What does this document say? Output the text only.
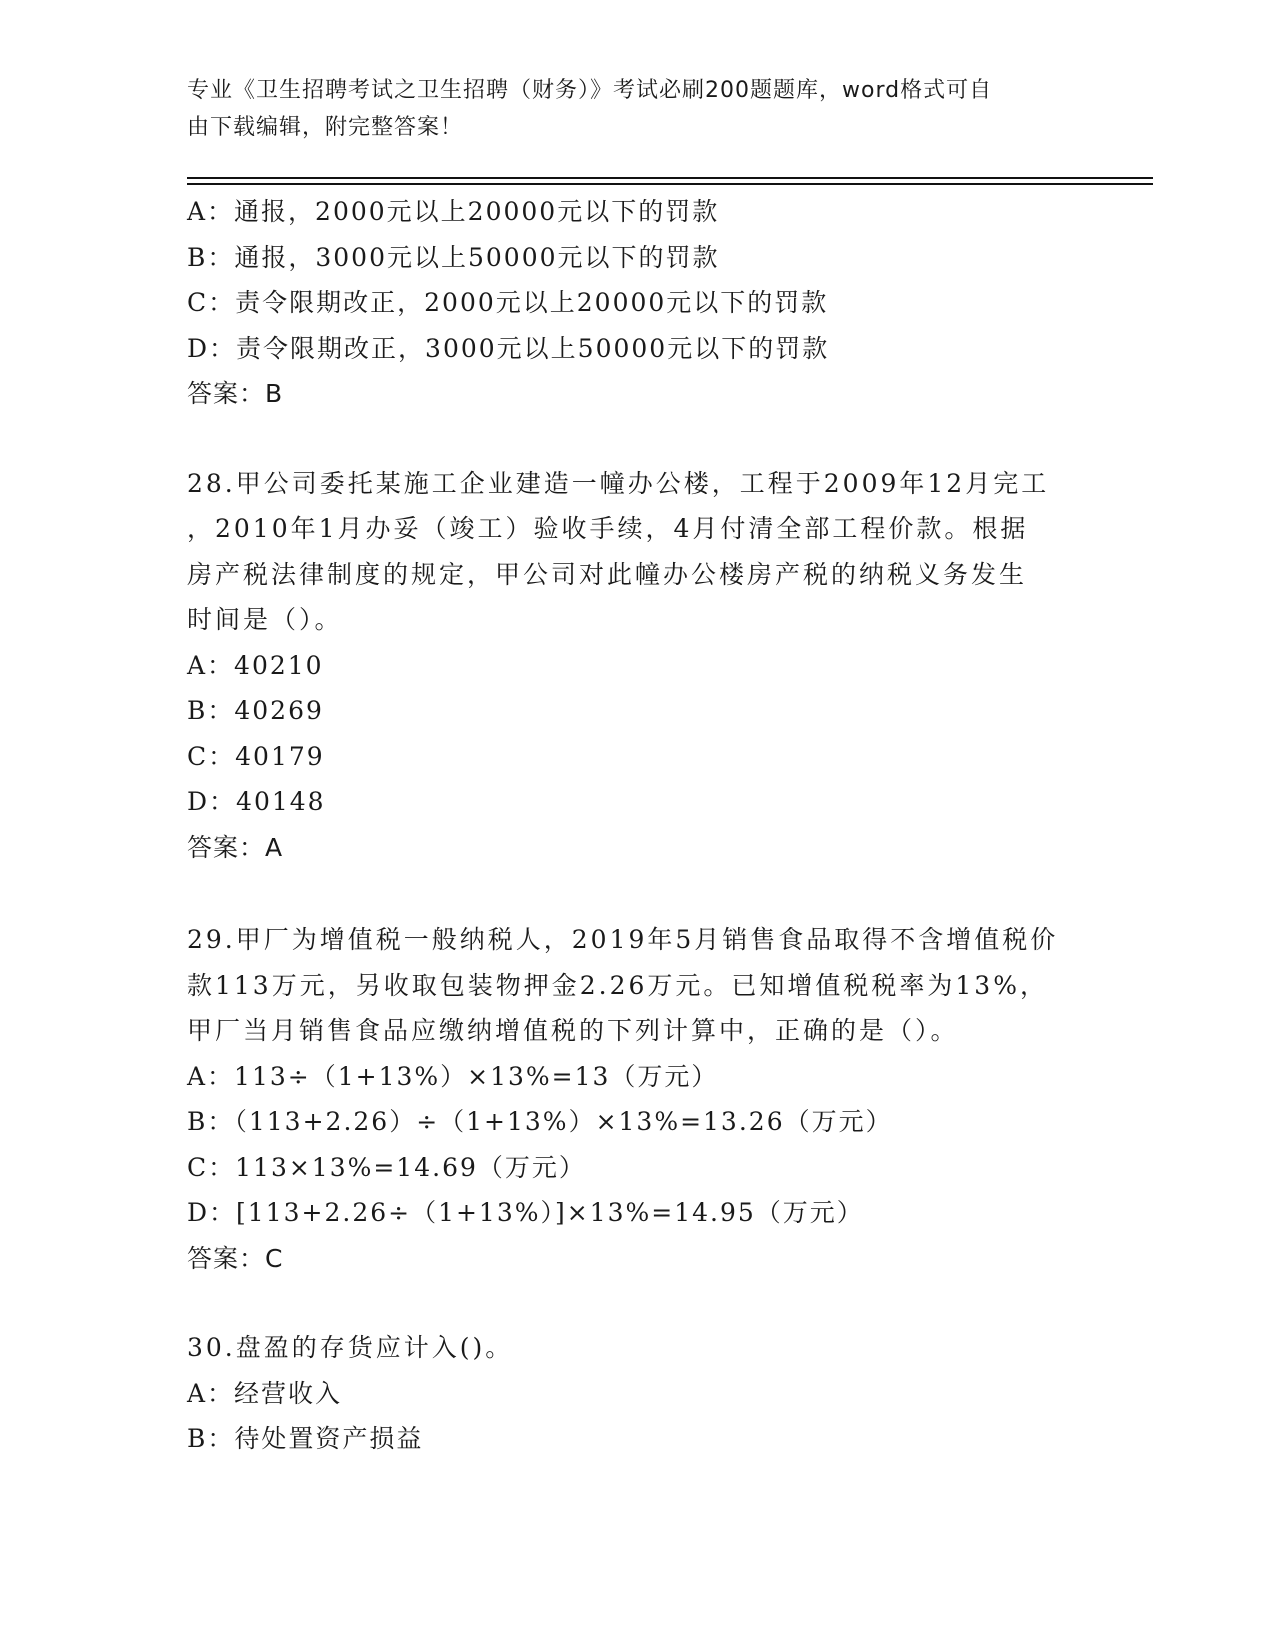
专业《卫生招聘考试之卫生招聘（财务）》考试必刷200题题库，word格式可自
由下载编辑，附完整答案！
A：通报，2000元以上20000元以下的罚款
B：通报，3000元以上50000元以下的罚款
C：责令限期改正，2000元以上20000元以下的罚款
D：责令限期改正，3000元以上50000元以下的罚款
答案：B
28.甲公司委托某施工企业建造一幢办公楼，工程于2009年12月完工
，2010年1月办妥（竣工）验收手续，4月付清全部工程价款。根据
房产税法律制度的规定，甲公司对此幢办公楼房产税的纳税义务发生
时间是（）。
A：40210
B：40269
C：40179
D：40148
答案：A
29.甲厂为增值税一般纳税人，2019年5月销售食品取得不含增值税价
款113万元，另收取包装物押金2.26万元。已知增值税税率为13%，
甲厂当月销售食品应缴纳增值税的下列计算中，正确的是（）。
A：113÷（1+13%）×13%=13（万元）
B：（113+2.26）÷（1+13%）×13%=13.26（万元）
C：113×13%=14.69（万元）
D：[113+2.26÷（1+13%）]×13%=14.95（万元）
答案：C
30.盘盈的存货应计入()。
A：经营收入
B：待处置资产损益
